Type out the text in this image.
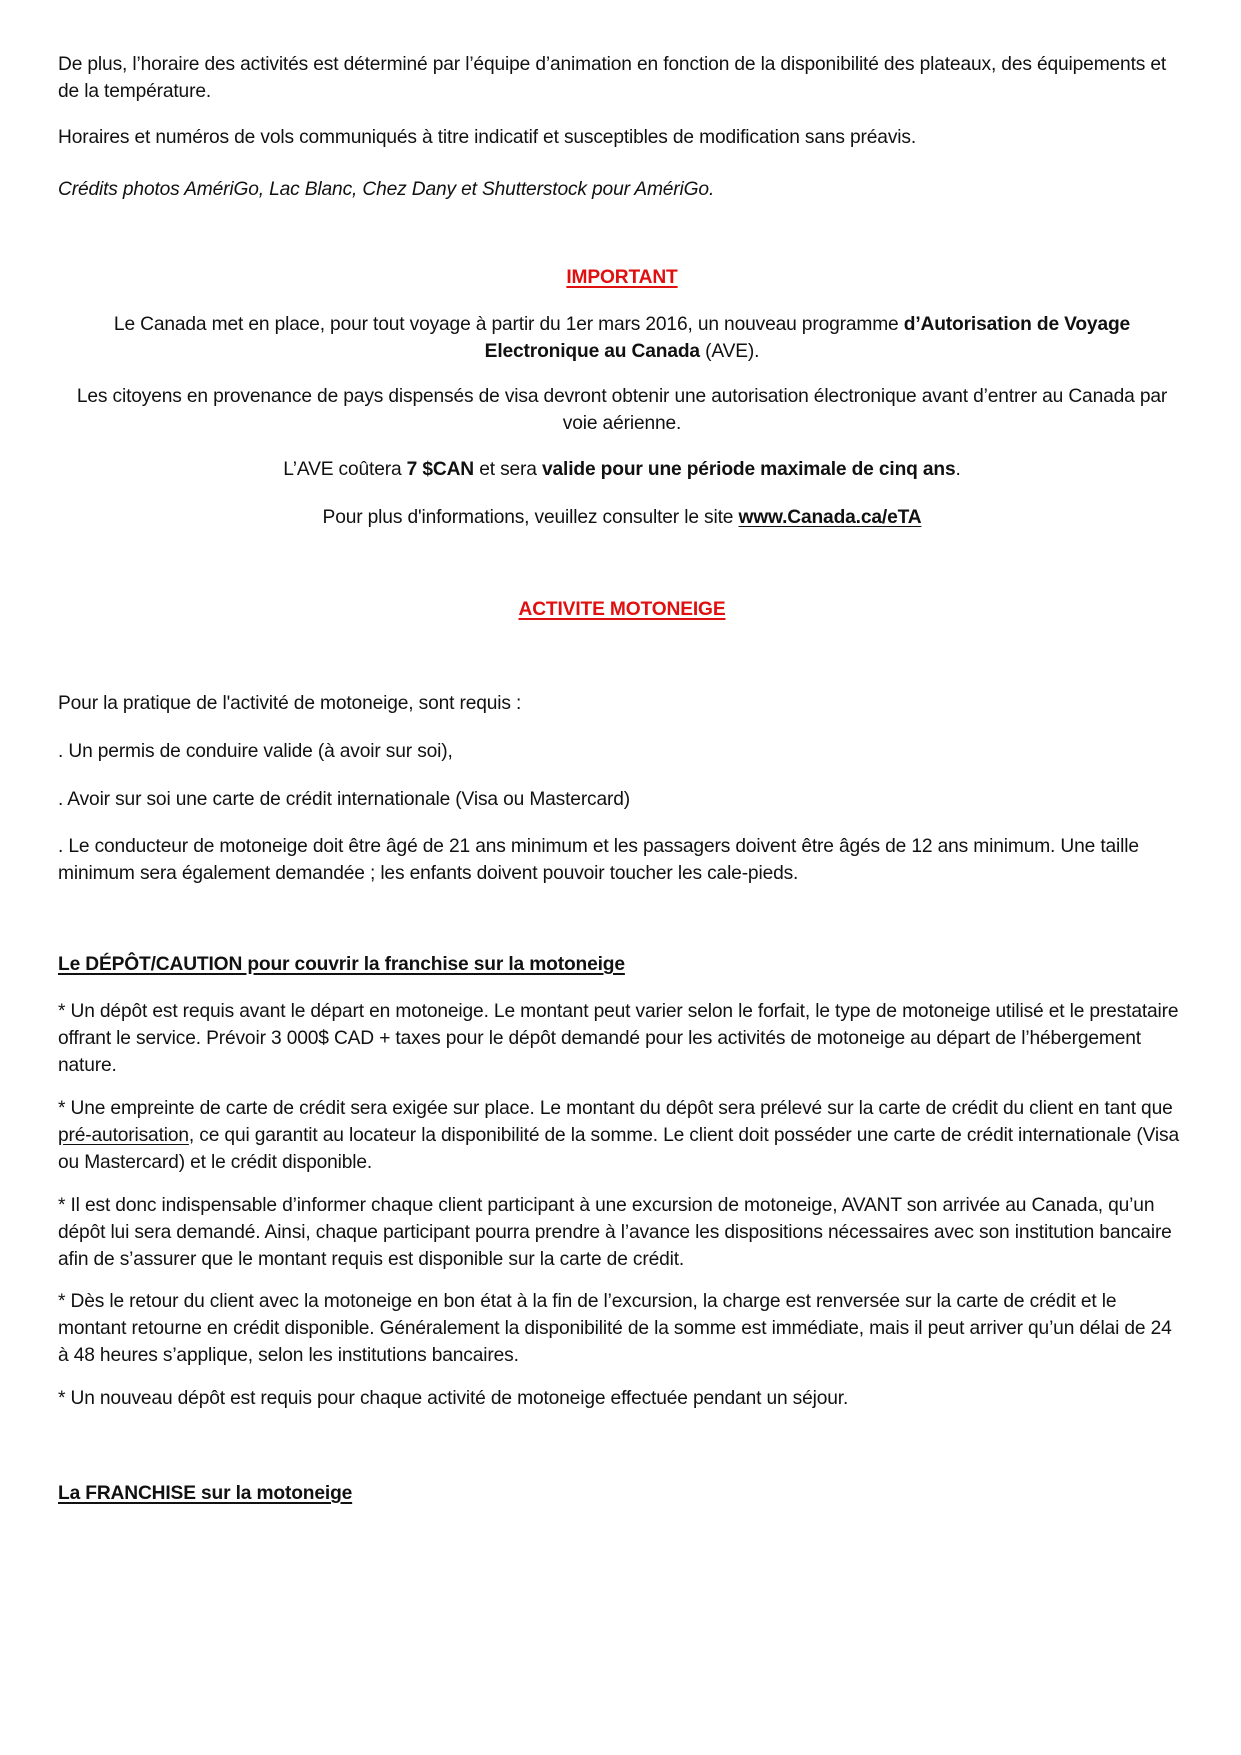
De plus, l’horaire des activités est déterminé par l’équipe d’animation en fonction de la disponibilité des plateaux, des équipements et de la température.

Horaires et numéros de vols communiqués à titre indicatif et susceptibles de modification sans préavis.

Crédits photos AmériGo, Lac Blanc, Chez Dany et Shutterstock pour AmériGo.

IMPORTANT

Le Canada met en place, pour tout voyage à partir du 1er mars 2016, un nouveau programme d’Autorisation de Voyage Electronique au Canada (AVE).

Les citoyens en provenance de pays dispensés de visa devront obtenir une autorisation électronique avant d’entrer au Canada par voie aérienne.

L’AVE coûtera 7 $CAN et sera valide pour une période maximale de cinq ans.

Pour plus d'informations, veuillez consulter le site www.Canada.ca/eTA

ACTIVITE MOTONEIGE

Pour la pratique de l'activité de motoneige, sont requis :

. Un permis de conduire valide (à avoir sur soi),

. Avoir sur soi une carte de crédit internationale (Visa ou Mastercard)

. Le conducteur de motoneige doit être âgé de 21 ans minimum et les passagers doivent être âgés de 12 ans minimum. Une taille minimum sera également demandée ; les enfants doivent pouvoir toucher les cale-pieds.

Le DÉPÔT/CAUTION pour couvrir la franchise sur la motoneige

* Un dépôt est requis avant le départ en motoneige. Le montant peut varier selon le forfait, le type de motoneige utilisé et le prestataire offrant le service. Prévoir 3 000$ CAD + taxes pour le dépôt demandé pour les activités de motoneige au départ de l’hébergement nature.

* Une empreinte de carte de crédit sera exigée sur place. Le montant du dépôt sera prélevé sur la carte de crédit du client en tant que pré-autorisation, ce qui garantit au locateur la disponibilité de la somme. Le client doit posséder une carte de crédit internationale (Visa ou Mastercard) et le crédit disponible.

* Il est donc indispensable d’informer chaque client participant à une excursion de motoneige, AVANT son arrivée au Canada, qu’un dépôt lui sera demandé. Ainsi, chaque participant pourra prendre à l’avance les dispositions nécessaires avec son institution bancaire afin de s’assurer que le montant requis est disponible sur la carte de crédit.

* Dès le retour du client avec la motoneige en bon état à la fin de l’excursion, la charge est renversée sur la carte de crédit et le montant retourne en crédit disponible. Généralement la disponibilité de la somme est immédiate, mais il peut arriver qu’un délai de 24 à 48 heures s’applique, selon les institutions bancaires.

* Un nouveau dépôt est requis pour chaque activité de motoneige effectuée pendant un séjour.

La FRANCHISE sur la motoneige
